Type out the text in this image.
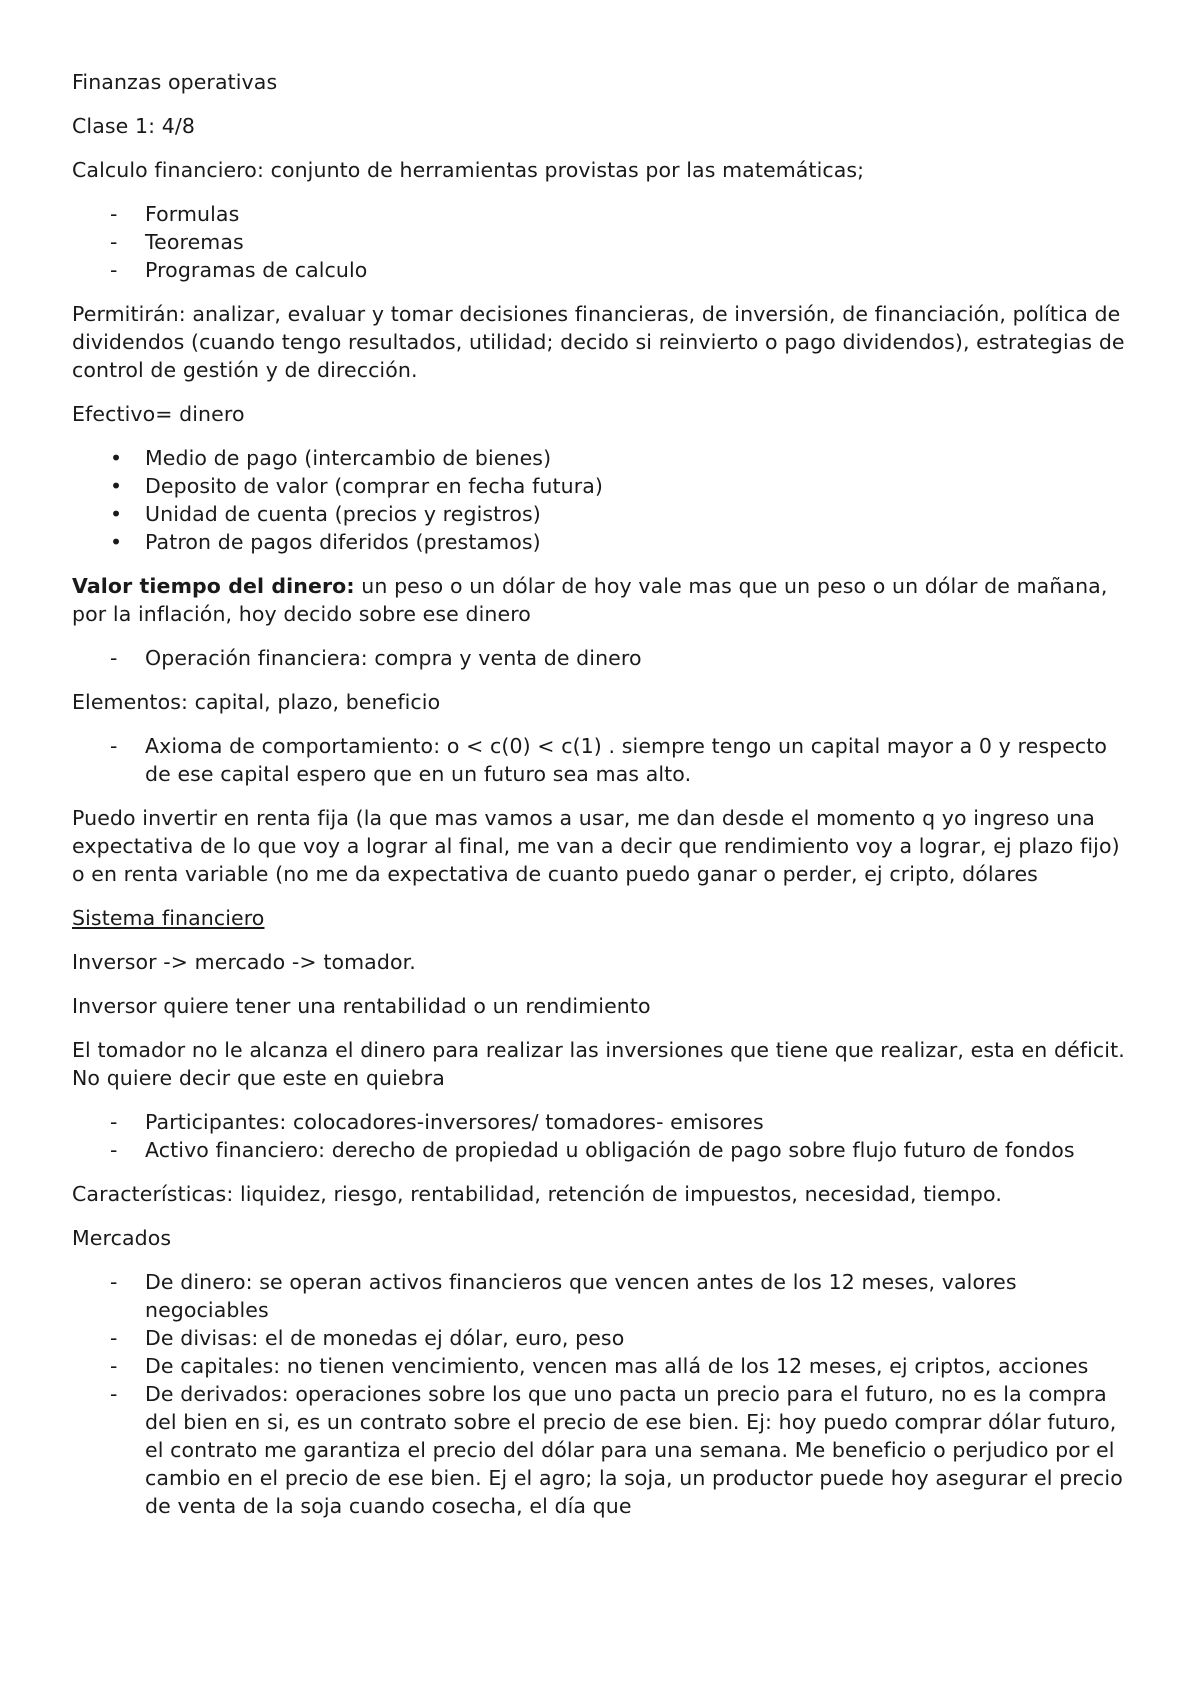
Finanzas operativas

Clase 1: 4/8

Calculo financiero: conjunto de herramientas provistas por las matemáticas;

-	Formulas
-	Teoremas
-	Programas de calculo

Permitirán: analizar, evaluar y tomar decisiones financieras, de inversión, de financiación, política de dividendos (cuando tengo resultados, utilidad; decido si reinvierto o pago dividendos), estrategias de control de gestión y de dirección.

Efectivo= dinero

•	Medio de pago (intercambio de bienes)
•	Deposito de valor (comprar en fecha futura)
•	Unidad de cuenta (precios y registros)
•	Patron de pagos diferidos (prestamos)

Valor tiempo del dinero: un peso o un dólar de hoy vale mas que un peso o un dólar de mañana, por la inflación, hoy decido sobre ese dinero

-	Operación financiera: compra y venta de dinero

Elementos: capital, plazo, beneficio

-	Axioma de comportamiento: o < c(0) < c(1) . siempre tengo un capital mayor a 0 y respecto de ese capital espero que en un futuro sea mas alto.

Puedo invertir en renta fija (la que mas vamos a usar, me dan desde el momento q yo ingreso una expectativa de lo que voy a lograr al final, me van a decir que rendimiento voy a lograr, ej plazo fijo) o en renta variable (no me da expectativa de cuanto puedo ganar o perder, ej cripto, dólares

Sistema financiero

Inversor -> mercado -> tomador.

Inversor quiere tener una rentabilidad o un rendimiento

El tomador no le alcanza el dinero para realizar las inversiones que tiene que realizar, esta en déficit. No quiere decir que este en quiebra

-	Participantes: colocadores-inversores/ tomadores- emisores
-	Activo financiero: derecho de propiedad u obligación de pago sobre flujo futuro de fondos

Características: liquidez, riesgo, rentabilidad, retención de impuestos, necesidad, tiempo.

Mercados

-	De dinero: se operan activos financieros que vencen antes de los 12 meses, valores negociables
-	De divisas: el de monedas ej dólar, euro, peso
-	De capitales: no tienen vencimiento, vencen mas allá de los 12 meses, ej criptos, acciones
-	De derivados: operaciones sobre los que uno pacta un precio para el futuro, no es la compra del bien en si, es un contrato sobre el precio de ese bien. Ej: hoy puedo comprar dólar futuro, el contrato me garantiza el precio del dólar para una semana. Me beneficio o perjudico por el cambio en el precio de ese bien. Ej el agro; la soja, un productor puede hoy asegurar el precio de venta de la soja cuando cosecha, el día que
